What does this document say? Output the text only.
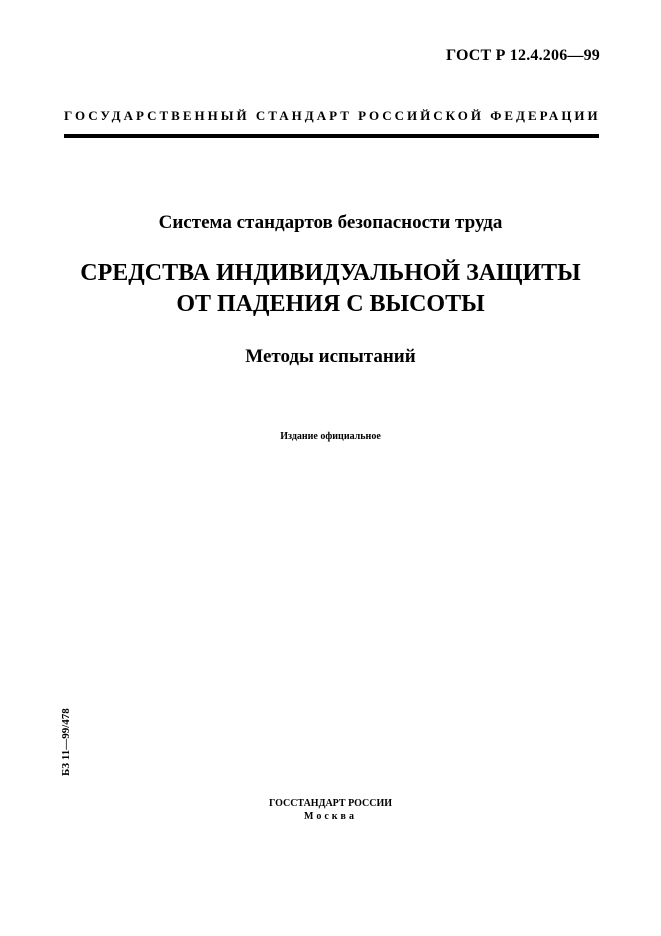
ГОСТ Р 12.4.206—99
ГОСУДАРСТВЕННЫЙ СТАНДАРТ РОССИЙСКОЙ ФЕДЕРАЦИИ
Система стандартов безопасности труда
СРЕДСТВА ИНДИВИДУАЛЬНОЙ ЗАЩИТЫ
ОТ ПАДЕНИЯ С ВЫСОТЫ
Методы испытаний
Издание официальное
БЗ 11—99/478
ГОССТАНДАРТ РОССИИ
Москва
